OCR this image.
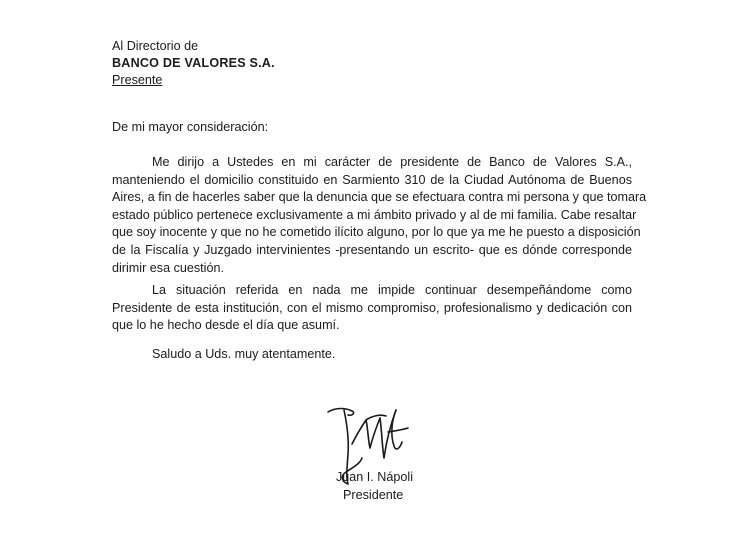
Al Directorio de
BANCO DE VALORES S.A.
Presente
De mi mayor consideración:
Me dirijo a Ustedes en mi carácter de presidente de Banco de Valores S.A.,
manteniendo el domicilio constituido en Sarmiento 310 de la Ciudad Autónoma de Buenos
Aires, a fin de hacerles saber que la denuncia que se efectuara contra mi persona y que tomara
estado público pertenece exclusivamente a mi ámbito privado y al de mi familia. Cabe resaltar
que soy inocente y que no he cometido ilícito alguno, por lo que ya me he puesto a disposición
de la Fiscalía y Juzgado intervinientes -presentando un escrito- que es dónde corresponde
dirimir esa cuestión.
La situación referida en nada me impide continuar desempeñándome como
Presidente de esta institución, con el mismo compromiso, profesionalismo y dedicación con
que lo he hecho desde el día que asumí.
Saludo a Uds. muy atentamente.
Juan I. Nápoli
Presidente
